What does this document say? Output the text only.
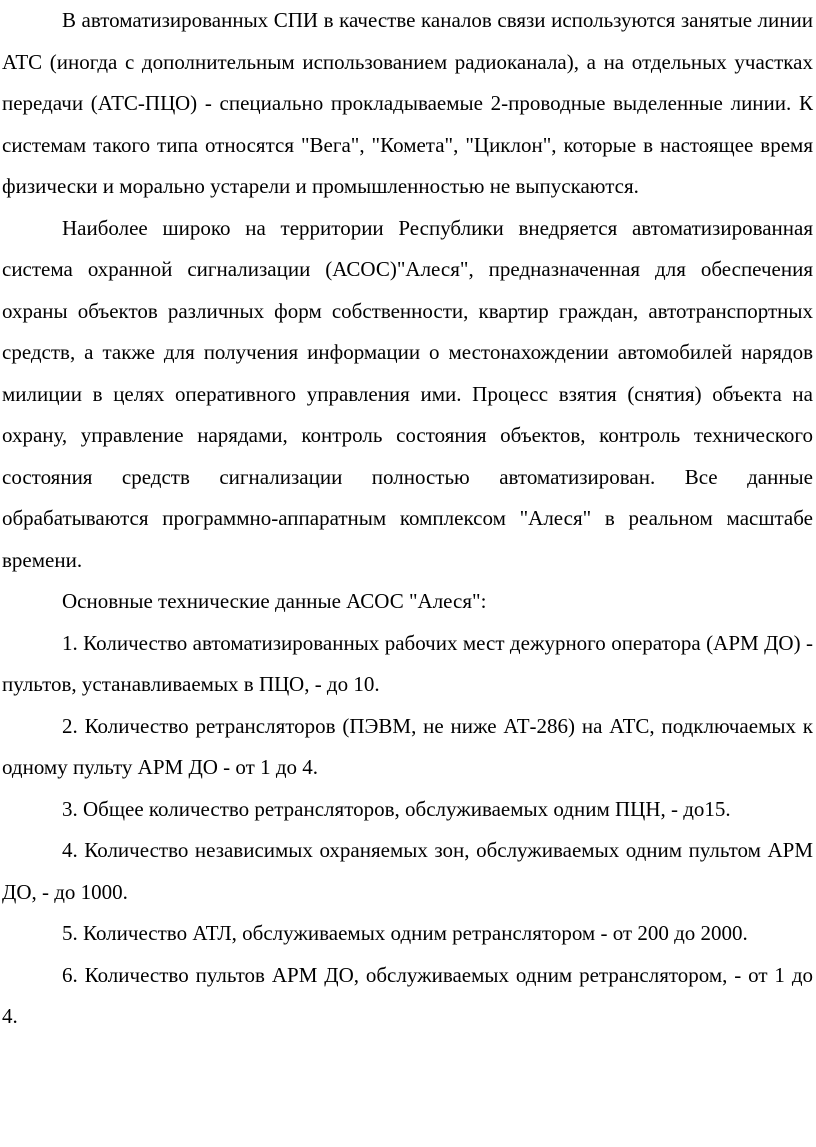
В автоматизированных СПИ в качестве каналов связи используются занятые линии АТС (иногда с дополнительным использованием радиоканала), а на отдельных участках передачи (АТС-ПЦО) - специально прокладываемые 2-проводные выделенные линии. К системам такого типа относятся "Вега", "Комета", "Циклон", которые в настоящее время физически и морально устарели и промышленностью не выпускаются.

Наиболее широко на территории Республики внедряется автоматизированная система охранной сигнализации (АСОС)"Алеся", предназначенная для обеспечения охраны объектов различных форм собственности, квартир граждан, автотранспортных средств, а также для получения информации о местонахождении автомобилей нарядов милиции в целях оперативного управления ими. Процесс взятия (снятия) объекта на охрану, управление нарядами, контроль состояния объектов, контроль технического состояния средств сигнализации полностью автоматизирован. Все данные обрабатываются программно-аппаратным комплексом "Алеся" в реальном масштабе времени.

Основные технические данные АСОС "Алеся":

1. Количество автоматизированных рабочих мест дежурного оператора (АРМ ДО) - пультов, устанавливаемых в ПЦО, - до 10.

2. Количество ретрансляторов (ПЭВМ, не ниже АТ-286) на АТС, подключаемых к одному пульту АРМ ДО - от 1 до 4.

3. Общее количество ретрансляторов, обслуживаемых одним ПЦН, - до15.

4. Количество независимых охраняемых зон, обслуживаемых одним пультом АРМ ДО, - до 1000.

5. Количество АТЛ, обслуживаемых одним ретранслятором - от 200 до 2000.

6. Количество пультов АРМ ДО, обслуживаемых одним ретранслятором, - от 1 до 4.
